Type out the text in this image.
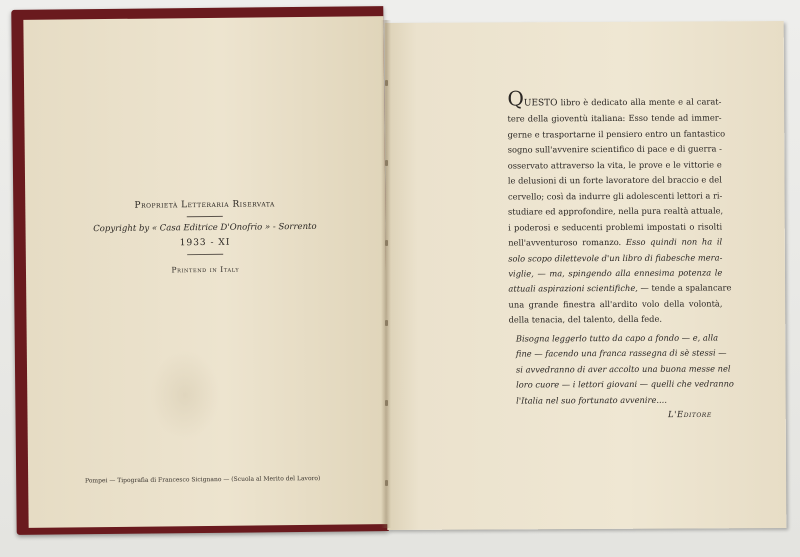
Proprietà Letteraria Riservata
Copyright by « Casa Editrice D'Onofrio » - Sorrento
1933 - XI
Printend in Italy
Pompei — Tipografia di Francesco Sicignano — (Scuola al Merito del Lavoro)
QUESTO libro è dedicato alla mente e al carat-
tere della gioventù italiana: Esso tende ad immer-
gerne e trasportarne il pensiero entro un fantastico
sogno sull'avvenire scientifico di pace e di guerra -
osservato attraverso la vita, le prove e le vittorie e
le delusioni di un forte lavoratore del braccio e del
cervello; così da indurre gli adolescenti lettori a ri-
studiare ed approfondire, nella pura realtà attuale,
i poderosi e seducenti problemi impostati o risolti
nell'avventuroso romanzo. Esso quindi non ha il
solo scopo dilettevole d'un libro di fiabesche mera-
viglie, — ma, spingendo alla ennesima potenza le
attuali aspirazioni scientifiche, — tende a spalancare
una grande finestra all'ardito volo della volontà,
della tenacia, del talento, della fede.
Bisogna leggerlo tutto da capo a fondo — e, alla
fine — facendo una franca rassegna di sè stessi —
si avvedranno di aver accolto una buona messe nel
loro cuore — i lettori giovani — quelli che vedranno
l'Italia nel suo fortunato avvenire....
L'Editore
